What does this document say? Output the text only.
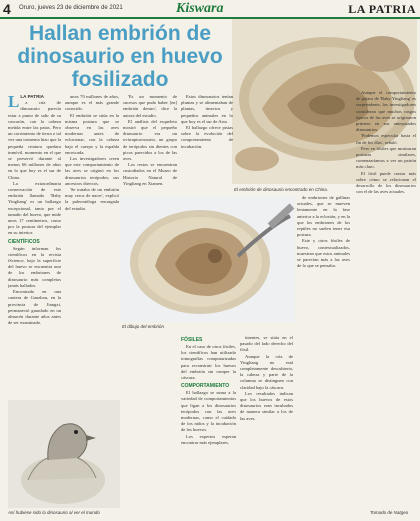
4 Oruro, jueves 23 de diciembre de 2021	Kiswara	LA PATRIA
Hallan embrión de
dinosaurio en huevo
fosilizado
El embrión de dinosaurio encontrado en China.
L LA PATRIA

a cría de dinosaurio parecía estar a punto de salir de su cascarón, con la cabeza metida entre las patas. Pero un corrimiento de tierra o tal vez una tormenta hizo que la pequeña criatura quedara inmóvil, momento en el que se preservó durante al menos 66 millones de años en lo que hoy es el sur de China.

La extraordinaria conservación de este embrión llamado 'Baby Yingliang' es un hallazgo excepcional, tanto por el tamaño del huevo, que mide unos 17 centímetros, como por la postura del ejemplar en su interior.

CIENTÍFICOS

Según informan los científicos en la revista iScience, bajo la superficie del huevo se encuentra uno de los embriones de dinosaurio más completos jamás hallados.

Encontrado en una cantera de Ganzhou, en la provincia de Jiangxi, permaneció guardado en un almacén durante años antes de ser examinado.

unos 70 millones de años, aunque es el más grande conocido.

El embrión se sitúa en la misma postura que se observa en las aves modernas antes de eclosionar, con la cabeza bajo el cuerpo y la espalda enroscada.

Los investigadores creen que este comportamiento de las aves se originó en los dinosaurios terópodos, sus ancestros directos.

'Se trataba de un embrión muy cerca de nacer', explicó la paleontóloga encargada del estudio.

'Es un momento de sucesos que pudo haber [en] embrión dentro', dice la autora del estudio.

El análisis del esqueleto mostró que el pequeño dinosaurio era un ovirraptorosaurio, un grupo de terópodos sin dientes con picos parecidos a los de las aves.

Los restos se encuentran custodiados en el Museo de Historia Natural de Yingliang en Xiamen.

Estos dinosaurios tenían plumas y se alimentaban de plantas, insectos y pequeños animales en lo que hoy es el sur de Asia.

El hallazgo ofrece pistas sobre la evolución del comportamiento de incubación.

de embriones de gallinas actuales, que se mueven lentamente en la fase anterior a la eclosión, y en la que los embriones de los reptiles no suelen tener esa postura.

Este y otros fósiles de huevo, contextualizados, muestran que estos animales se parecían más a las aves de lo que se pensaba.

Aunque el comportamiento de pájaro de 'Baby Yingliang' es sorprendente, los investigadores consideran que muchos rasgos típicos de las aves se originaron primero en sus antepasados dinosaurios.

'Podemos especular hasta el fin de los días', señaló.

Pero en fósiles que mostraran posturas similares, comenzaríamos a ver un patrón más claro.

El fósil puede contar más sobre cómo se relacionan el desarrollo de los dinosaurios con el de las aves actuales.

El dibujo del embrión
FÓSILES

En el caso de otros fósiles, los científicos han utilizado tomografías computarizadas para reconstruir los huesos del embrión sin romper la cáscara.

COMPORTAMIENTO

El hallazgo se suma a la variedad de comportamientos que ligan a los dinosaurios terópodos con las aves modernas, como el cuidado de los nidos y la incubación de los huevos.

Los expertos esperan encontrar más ejemplares.

tinentes, se sitúa en el pasado del lado derecho del fósil.

Aunque la cría de Yingliang no está completamente descubierta, la cabeza y parte de la columna se distinguen con claridad bajo la cáscara.

Los resultados indican que los huevos de estos dinosaurios eran incubados de manera similar a los de las aves.

Así hubiese sido la dinosaurio al ver el mundo	Tomado de Natgeo
